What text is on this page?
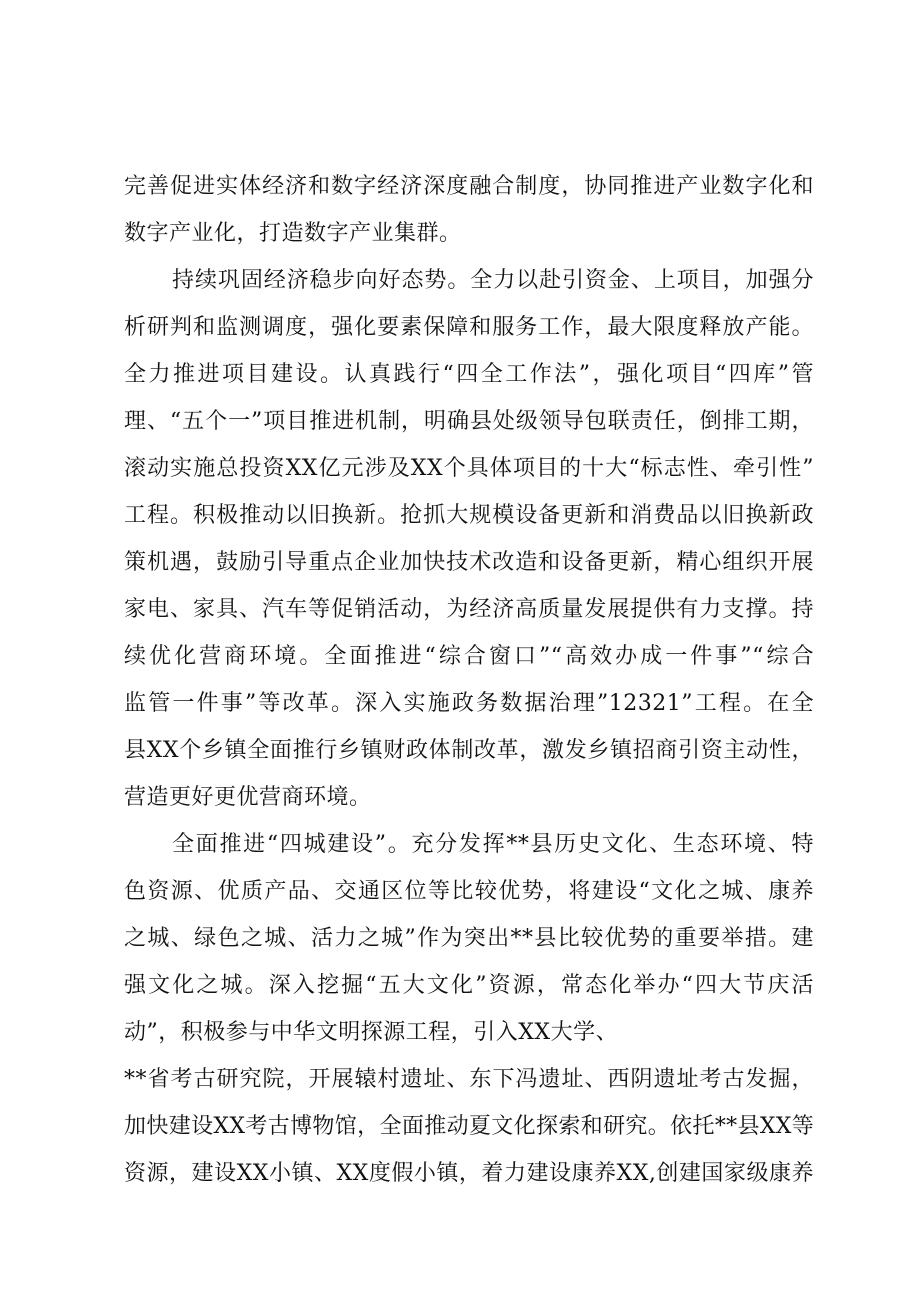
完善促进实体经济和数字经济深度融合制度，协同推进产业数字化和
数字产业化，打造数字产业集群。
持续巩固经济稳步向好态势。全力以赴引资金、上项目，加强分
析研判和监测调度，强化要素保障和服务工作，最大限度释放产能。
全力推进项目建设。认真践行“四全工作法”，强化项目“四库”管
理、“五个一”项目推进机制，明确县处级领导包联责任，倒排工期，
滚动实施总投资XX亿元涉及XX个具体项目的十大“标志性、牵引性”
工程。积极推动以旧换新。抢抓大规模设备更新和消费品以旧换新政
策机遇，鼓励引导重点企业加快技术改造和设备更新，精心组织开展
家电、家具、汽车等促销活动，为经济高质量发展提供有力支撑。持
续优化营商环境。全面推进“综合窗口”“高效办成一件事”“综合
监管一件事”等改革。深入实施政务数据治理”12321”工程。在全
县XX个乡镇全面推行乡镇财政体制改革，激发乡镇招商引资主动性，
营造更好更优营商环境。
全面推进“四城建设”。充分发挥**县历史文化、生态环境、特
色资源、优质产品、交通区位等比较优势，将建设“文化之城、康养
之城、绿色之城、活力之城”作为突出**县比较优势的重要举措。建
强文化之城。深入挖掘“五大文化”资源，常态化举办“四大节庆活
动”，积极参与中华文明探源工程，引入XX大学、
**省考古研究院，开展辕村遗址、东下冯遗址、西阴遗址考古发掘，
加快建设XX考古博物馆，全面推动夏文化探索和研究。依托**县XX等
资源，建设XX小镇、XX度假小镇，着力建设康养XX,创建国家级康养
